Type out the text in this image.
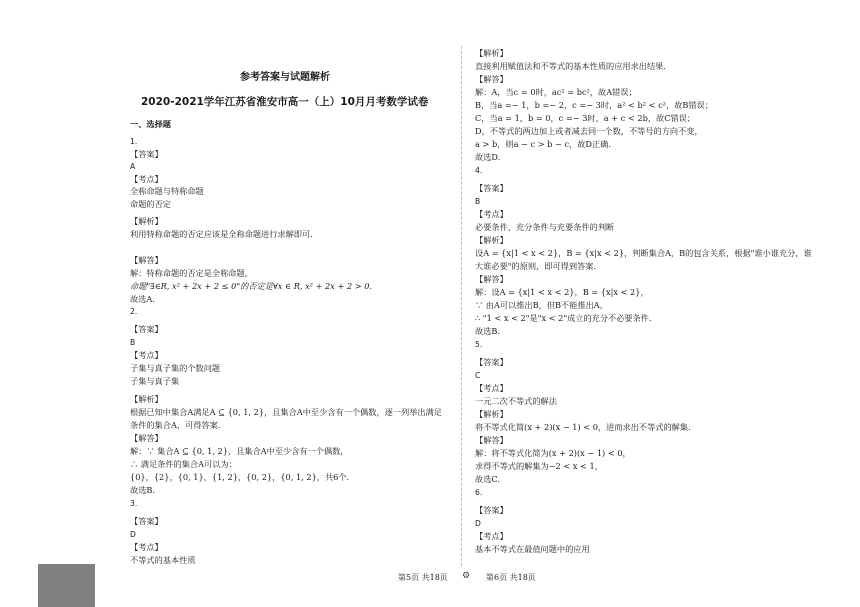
参考答案与试题解析
2020-2021学年江苏省淮安市高一（上）10月月考数学试卷
一、选择题
1.
【答案】
A
【考点】
全称命题与特称命题
命题的否定
【解析】
利用特称命题的否定应该是全称命题进行求解即可.
【解答】
解：特称命题的否定是全称命题，
命题"∃∈R, x² + 2x + 2 ≤ 0"的否定是∀x ∈ R, x² + 2x + 2 > 0.
故选A.
2.
【答案】
B
【考点】
子集与真子集的个数问题
子集与真子集
【解析】
根据已知中集合A满足A ⊆ {0, 1, 2}，且集合A中至少含有一个偶数，逐一列举出满足
条件的集合A，可得答案.
【解答】
解：∵ 集合A ⊆ {0, 1, 2}，且集合A中至少含有一个偶数，
∴ 满足条件的集合A可以为：
{0}，{2}，{0, 1}，{1, 2}，{0, 2}，{0, 1, 2}，共6个.
故选B.
3.
【答案】
D
【考点】
不等式的基本性质
【解析】
直接利用赋值法和不等式的基本性质的应用求出结果.
【解答】
解：A，当c = 0时，ac² = bc²，故A错误；
B，当a =− 1，b =− 2，c =− 3时，a² < b² < c²，故B错误；
C，当a = 1，b = 0，c =− 3时，a + c < 2b，故C错误；
D，不等式的两边加上或者减去同一个数，不等号的方向不变，
a > b，则a − c > b − c，故D正确.
故选D.
4.
【答案】
B
【考点】
必要条件、充分条件与充要条件的判断
【解析】
设A = {x|1 < x < 2}，B = {x|x < 2}，判断集合A，B的包含关系，根据"谁小谁充分，谁
大谁必要"的原则，即可得到答案.
【解答】
解：设A = {x|1 < x < 2}，B = {x|x < 2}，
∵ 由A可以推出B，但B不能推出A，
∴ "1 < x < 2"是"x < 2"成立的充分不必要条件.
故选B.
5.
【答案】
C
【考点】
一元二次不等式的解法
【解析】
将不等式化简(x + 2)(x − 1) < 0，进而求出不等式的解集.
【解答】
解：将不等式化简为(x + 2)(x − 1) < 0，
求得不等式的解集为−2 < x < 1，
故选C.
6.
【答案】
D
【考点】
基本不等式在最值问题中的应用
第5页 共18页 ⚙ 第6页 共18页
